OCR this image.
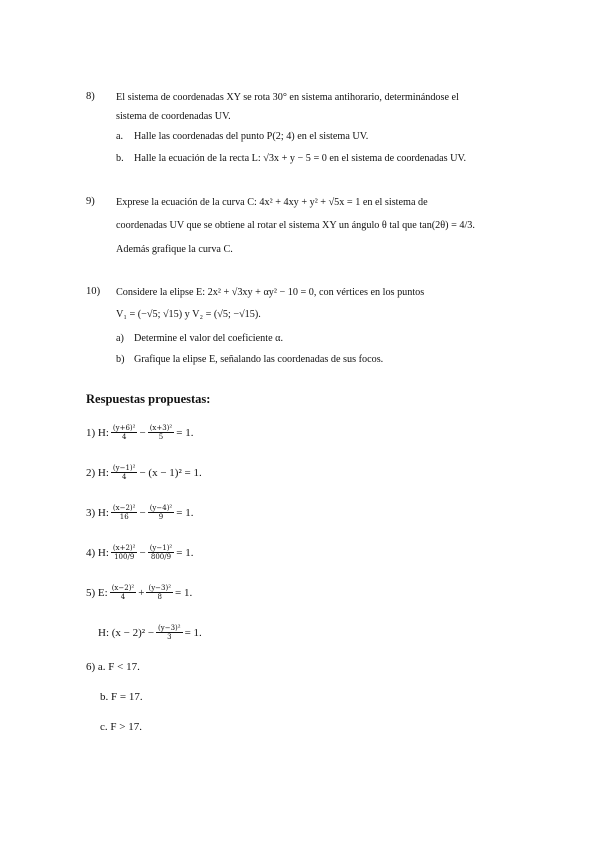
8) El sistema de coordenadas XY se rota 30° en sistema antihorario, determinándose el
sistema de coordenadas UV.
a. Halle las coordenadas del punto P(2; 4) en el sistema UV.
b. Halle la ecuación de la recta L: √3x + y − 5 = 0 en el sistema de coordenadas UV.
9) Exprese la ecuación de la curva C: 4x² + 4xy + y² + √5x = 1 en el sistema de
coordenadas UV que se obtiene al rotar el sistema XY un ángulo θ tal que tan(2θ) = 4/3.
Además grafique la curva C.
10) Considere la elipse E: 2x² + √3xy + αy² − 10 = 0, con vértices en los puntos
V₁ = (−√5; √15) y V₂ = (√5; −√15).
a) Determine el valor del coeficiente α.
b) Grafique la elipse E, señalando las coordenadas de sus focos.
Respuestas propuestas:
1) H: $\frac{\text{(y+6)²}}{4} - \frac{\text{(x+3)²}}{5} = 1$.
2) H: $\frac{\text{(y−1)²}}{4} - (x - 1)^2 = 1$.
3) H: $\frac{\text{(x−2)²}}{16} - \frac{\text{(y−4)²}}{9} = 1$.
4) H: $\frac{\text{(x+2)²}}{100/9} - \frac{\text{(y−1)²}}{800/9} = 1$.
5) E: $\frac{\text{(x−2)²}}{4} + \frac{\text{(y−3)²}}{8} = 1$.
H: $(x - 2)^2 - \frac{\text{(y−3)²}}{3} = 1$.
6) a. F < 17.
b. F = 17.
c. F > 17.
